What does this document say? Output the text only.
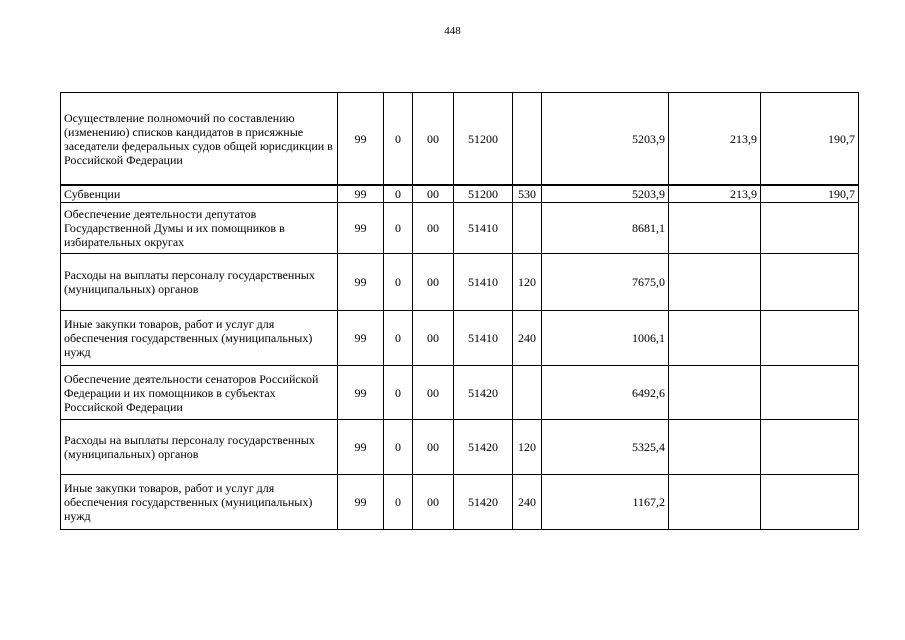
448
Осуществление полномочий по составлению (изменению) списков кандидатов в присяжные заседатели федеральных судов общей юрисдикции в Российской Федерации	99	0	00	51200		5203,9	213,9	190,7
Субвенции	99	0	00	51200	530	5203,9	213,9	190,7
Обеспечение деятельности депутатов Государственной Думы и их помощников в избирательных округах	99	0	00	51410		8681,1		
Расходы на выплаты персоналу государственных (муниципальных) органов	99	0	00	51410	120	7675,0		
Иные закупки товаров, работ и услуг для обеспечения государственных (муниципальных) нужд	99	0	00	51410	240	1006,1		
Обеспечение деятельности сенаторов Российской Федерации и их помощников в субъектах Российской Федерации	99	0	00	51420		6492,6		
Расходы на выплаты персоналу государственных (муниципальных) органов	99	0	00	51420	120	5325,4		
Иные закупки товаров, работ и услуг для обеспечения государственных (муниципальных) нужд	99	0	00	51420	240	1167,2		
